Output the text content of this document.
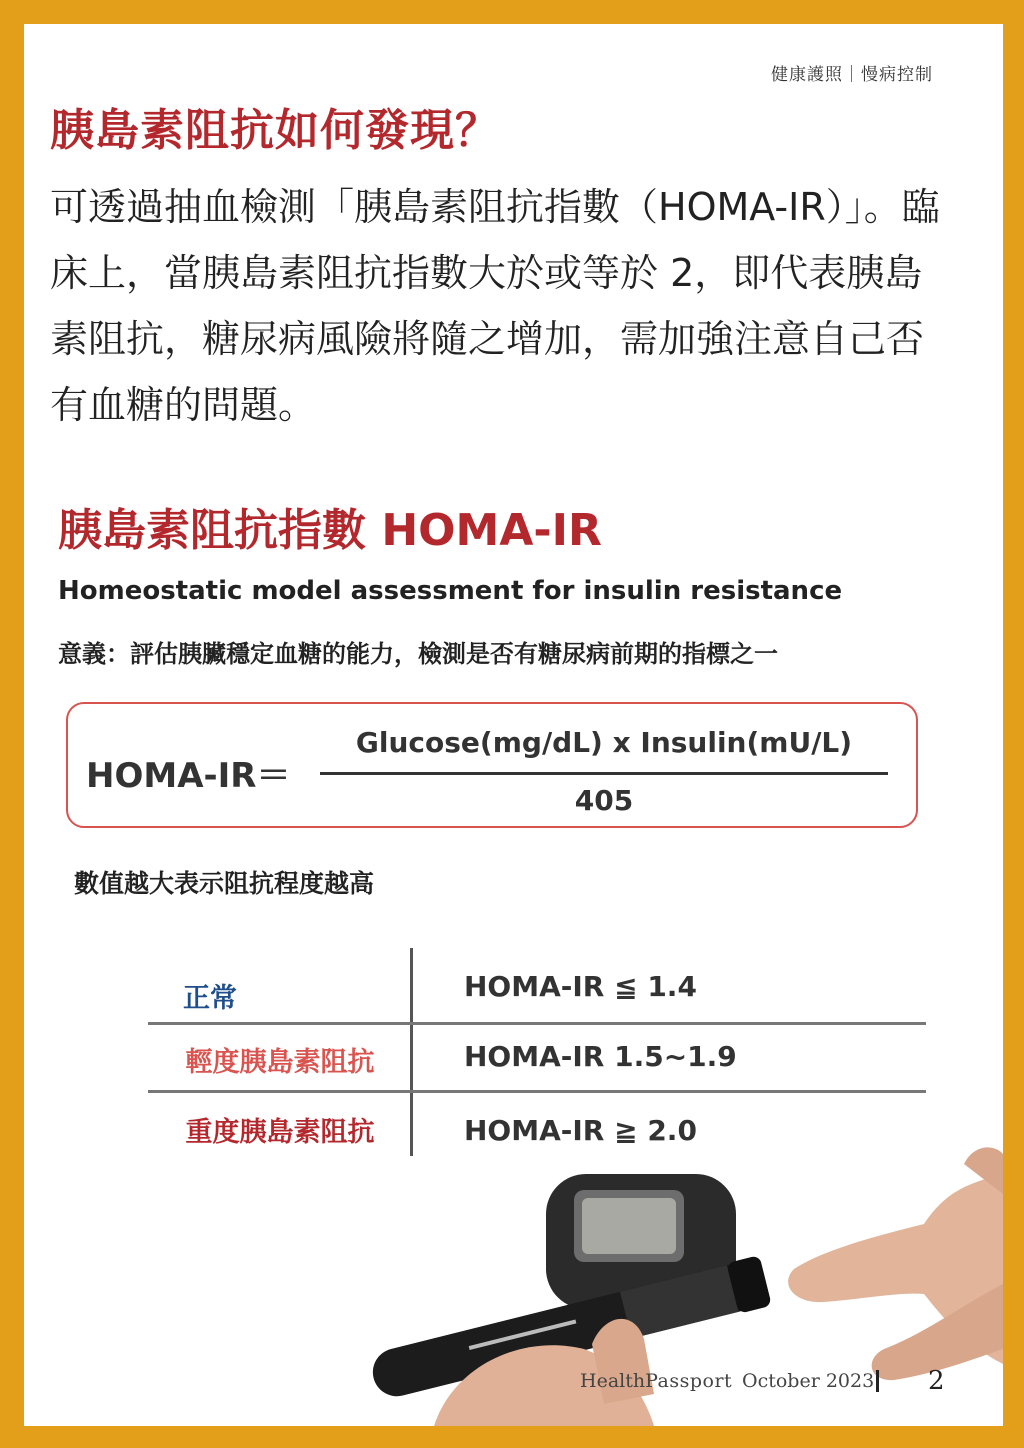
健康護照｜慢病控制
胰島素阻抗如何發現？

可透過抽血檢測「胰島素阻抗指數（HOMA-IR）」。臨床上，當胰島素阻抗指數大於或等於 2，即代表胰島素阻抗，糖尿病風險將隨之增加，需加強注意自己否有血糖的問題。

胰島素阻抗指數 HOMA-IR
Homeostatic model assessment for insulin resistance
意義：評估胰臟穩定血糖的能力，檢測是否有糖尿病前期的指標之一
HOMA-IR＝
Glucose(mg/dL) x Insulin(mU/L)
405
數值越大表示阻抗程度越高
正常	HOMA-IR ≦ 1.4
輕度胰島素阻抗	HOMA-IR 1.5~1.9
重度胰島素阻抗	HOMA-IR ≧ 2.0
HealthPassport October 2023 2
